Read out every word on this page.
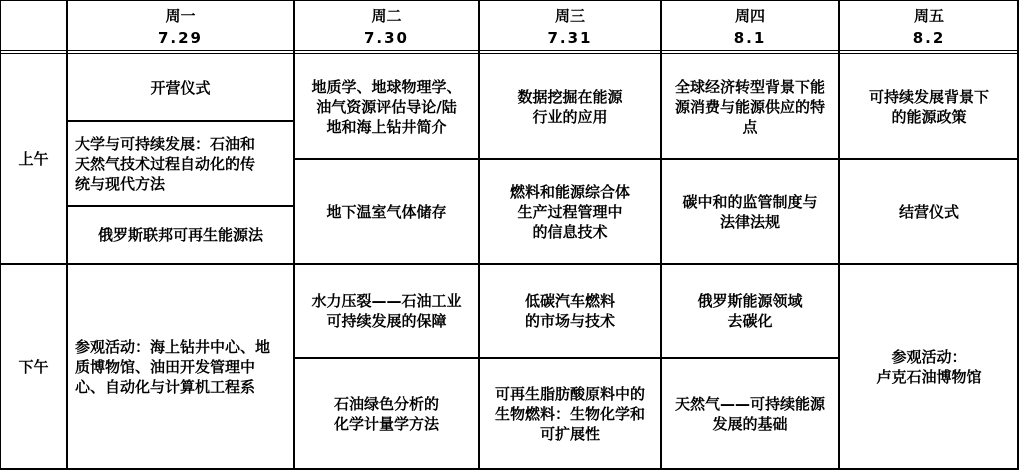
周一
7.29
周二
7.30
周三
7.31
周四
8.1
周五
8.2
上午
下午
开营仪式
大学与可持续发展：石油和
天然气技术过程自动化的传
统与现代方法
俄罗斯联邦可再生能源法
参观活动：海上钻井中心、地
质博物馆、油田开发管理中
心、自动化与计算机工程系
地质学、地球物理学、
油气资源评估导论/陆
地和海上钻井简介
地下温室气体储存
水力压裂——石油工业
可持续发展的保障
石油绿色分析的
化学计量学方法
数据挖掘在能源
行业的应用
燃料和能源综合体
生产过程管理中
的信息技术
低碳汽车燃料
的市场与技术
可再生脂肪酸原料中的
生物燃料：生物化学和
可扩展性
全球经济转型背景下能
源消费与能源供应的特
点
碳中和的监管制度与
法律法规
俄罗斯能源领域
去碳化
天然气——可持续能源
发展的基础
可持续发展背景下
的能源政策
结营仪式
参观活动：
卢克石油博物馆
